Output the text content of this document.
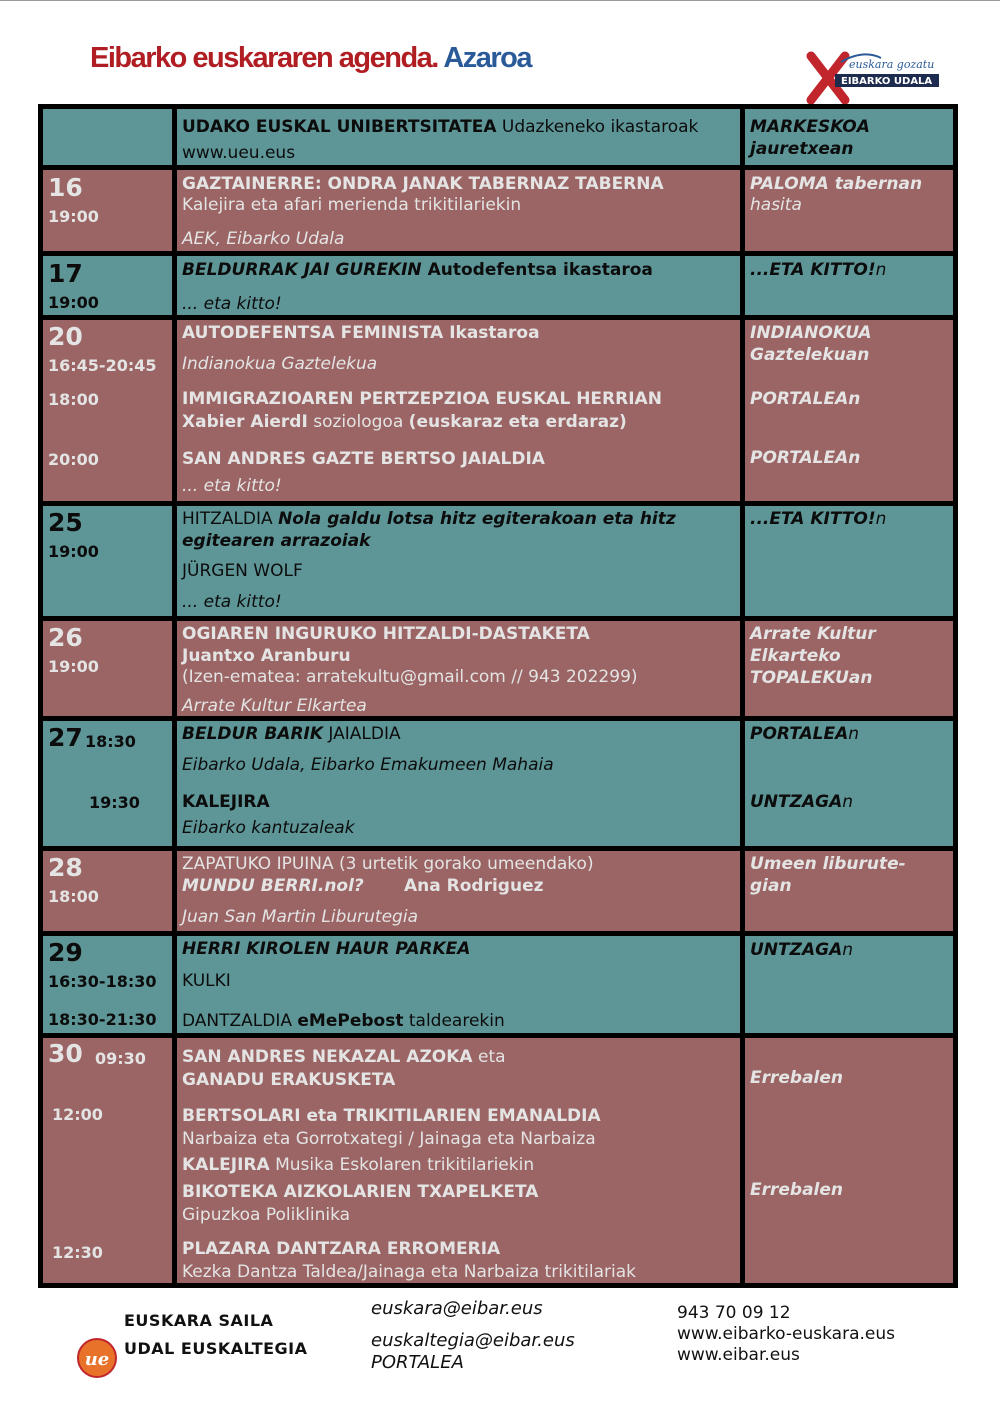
Eibarko euskararen agenda. Azaroa	euskara gozatu
EIBARKO UDALA
UDAKO EUSKAL UNIBERTSITATEA Udazkeneko ikastaroak
www.ueu.eus
MARKESKOA
jauretxean
16
19:00
GAZTAINERRE: ONDRA JANAK TABERNAZ TABERNA
Kalejira eta afari merienda trikitilariekin
AEK, Eibarko Udala
PALOMA tabernan
hasita
17
19:00
BELDURRAK JAI GUREKIN Autodefentsa ikastaroa
... eta kitto!
...ETA KITTO!n
20
16:45-20:45
18:00
20:00
AUTODEFENTSA FEMINISTA Ikastaroa
Indianokua Gaztelekua
IMMIGRAZIOAREN PERTZEPZIOA EUSKAL HERRIAN
Xabier AierdI soziologoa (euskaraz eta erdaraz)
SAN ANDRES GAZTE BERTSO JAIALDIA
... eta kitto!
INDIANOKUA
Gaztelekuan
PORTALEAn
PORTALEAn
25
19:00
HITZALDIA Nola galdu lotsa hitz egiterakoan eta hitz
egitearen arrazoiak
JÜRGEN WOLF
... eta kitto!
...ETA KITTO!n
26
19:00
OGIAREN INGURUKO HITZALDI-DASTAKETA
Juantxo Aranburu
(Izen-ematea: arratekultu@gmail.com // 943 202299)
Arrate Kultur Elkartea
Arrate Kultur
Elkarteko
TOPALEKUan
27 18:30
19:30
BELDUR BARIK JAIALDIA
Eibarko Udala, Eibarko Emakumeen Mahaia
KALEJIRA
Eibarko kantuzaleak
PORTALEAn
UNTZAGAn
28
18:00
ZAPATUKO IPUINA (3 urtetik gorako umeendako)
MUNDU BERRI.nol? Ana Rodriguez
Juan San Martin Liburutegia
Umeen liburute-
gian
29
16:30-18:30
18:30-21:30
HERRI KIROLEN HAUR PARKEA
KULKI
DANTZALDIA eMePebost taldearekin
UNTZAGAn
30 09:30
12:00
12:30
SAN ANDRES NEKAZAL AZOKA eta
GANADU ERAKUSKETA
BERTSOLARI eta TRIKITILARIEN EMANALDIA
Narbaiza eta Gorrotxategi / Jainaga eta Narbaiza
KALEJIRA Musika Eskolaren trikitilariekin
BIKOTEKA AIZKOLARIEN TXAPELKETA
Gipuzkoa Poliklinika
PLAZARA DANTZARA ERROMERIA
Kezka Dantza Taldea/Jainaga eta Narbaiza trikitilariak
Errebalen
Errebalen
ue
EUSKARA SAILA
UDAL EUSKALTEGIA
euskara@eibar.eus
euskaltegia@eibar.eus
PORTALEA
943 70 09 12
www.eibarko-euskara.eus
www.eibar.eus
